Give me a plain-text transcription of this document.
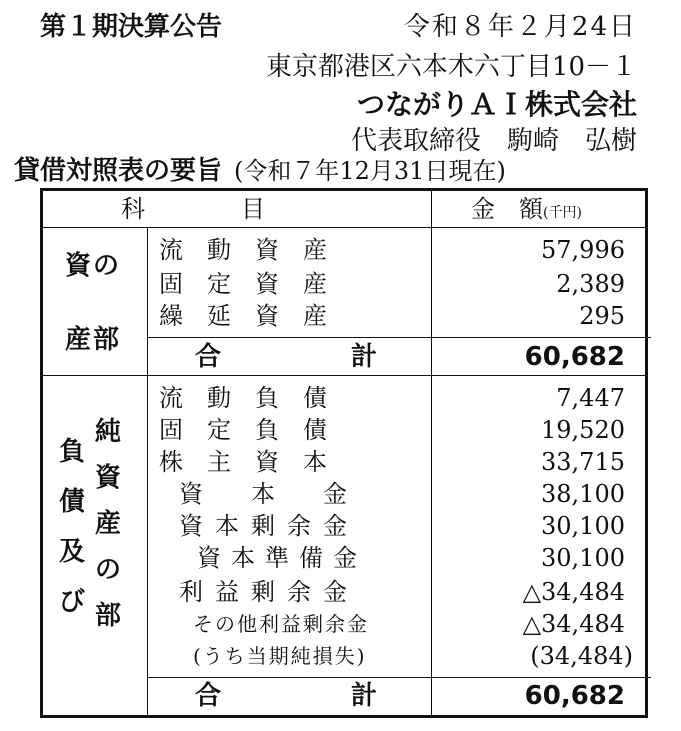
第１期決算公告	令和８年２月24日
東京都港区六本木六丁目10－１
つながりＡＩ株式会社
代表取締役　駒崎　弘樹
貸借対照表の要旨 (令和７年12月31日現在)
科　　　　目	金　額(千円)
資の
産部
流　動　資　産	57,996
固　定　資　産	2,389
繰　延　資　産	295
合　　　　　計	60,682
負債及び
純資産の部
流　動　負　債	7,447
固　定　負　債	19,520
株　主　資　本	33,715
資　　本　　金	38,100
資本剰余金	30,100
資本準備金	30,100
利益剰余金	△34,484
その他利益剰余金	△34,484
(うち当期純損失)	(34,484)
合　　　　　計	60,682
